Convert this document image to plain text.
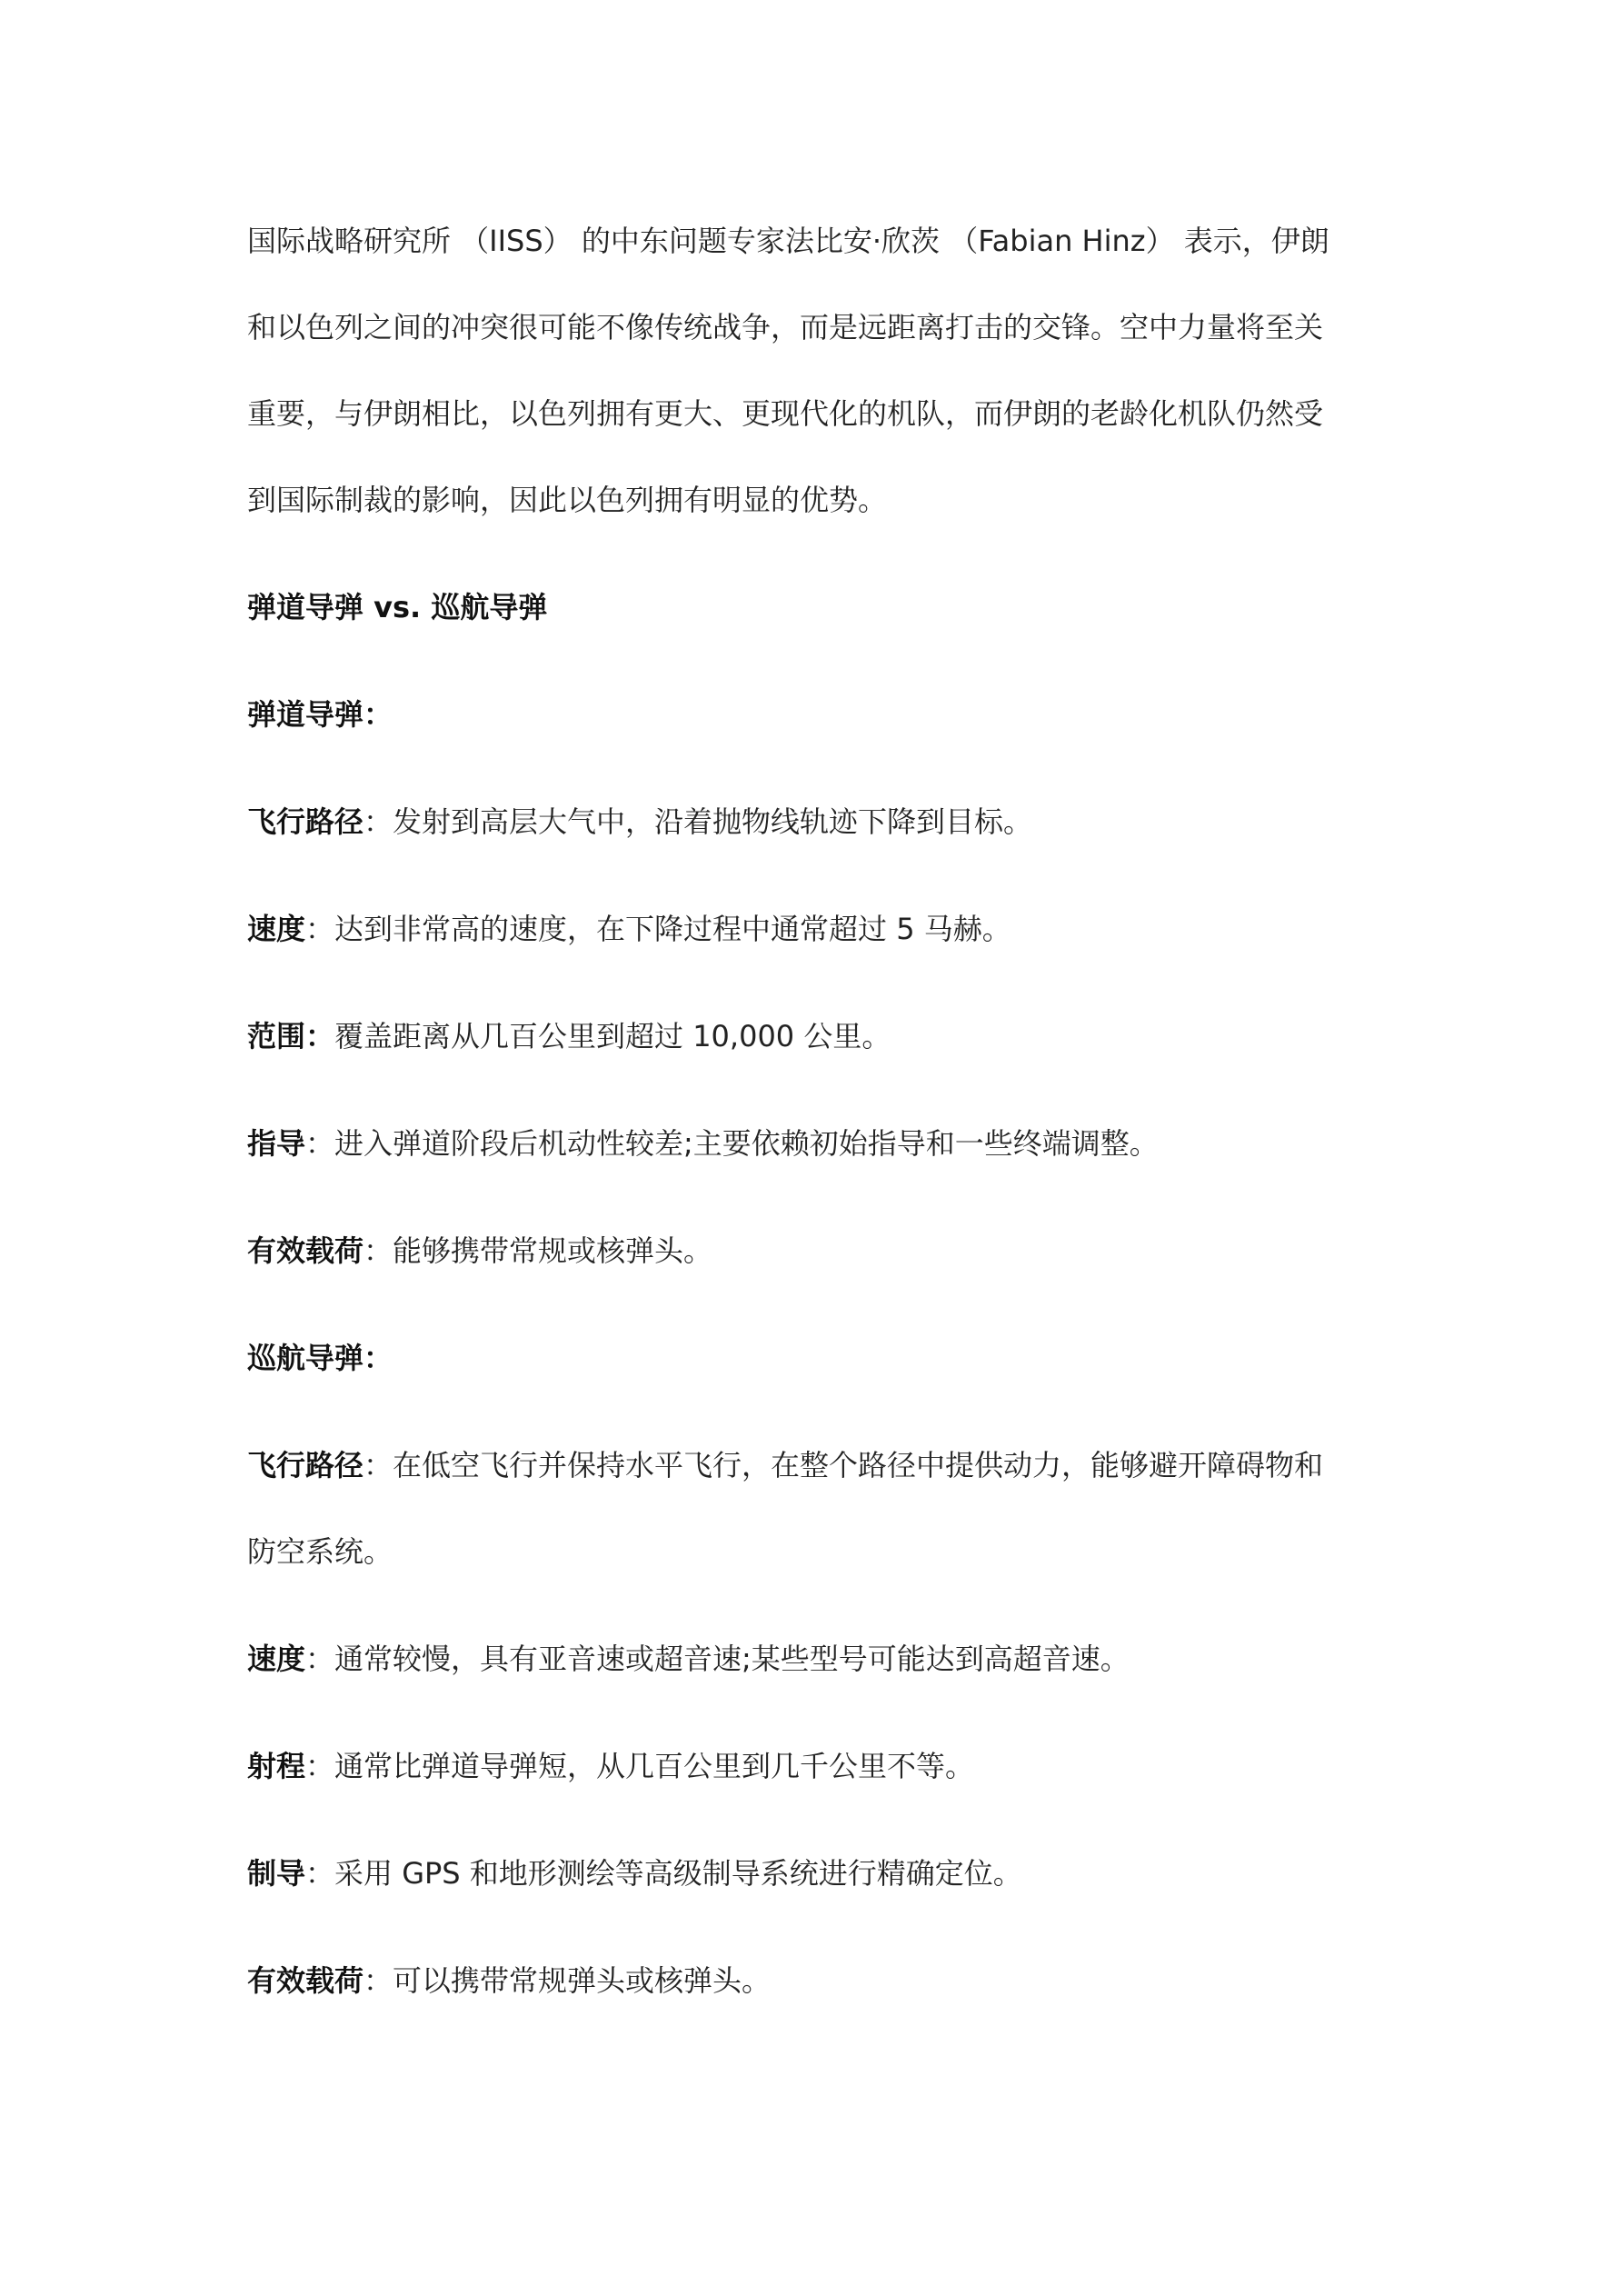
国际战略研究所 （IISS） 的中东问题专家法比安·欣茨 （Fabian Hinz） 表示，伊朗
和以色列之间的冲突很可能不像传统战争，而是远距离打击的交锋。空中力量将至关
重要，与伊朗相比，以色列拥有更大、更现代化的机队，而伊朗的老龄化机队仍然受
到国际制裁的影响，因此以色列拥有明显的优势。
弹道导弹 vs. 巡航导弹
弹道导弹：
飞行路径：发射到高层大气中，沿着抛物线轨迹下降到目标。
速度：达到非常高的速度，在下降过程中通常超过 5 马赫。
范围：覆盖距离从几百公里到超过 10,000 公里。
指导：进入弹道阶段后机动性较差;主要依赖初始指导和一些终端调整。
有效载荷：能够携带常规或核弹头。
巡航导弹：
飞行路径：在低空飞行并保持水平飞行，在整个路径中提供动力，能够避开障碍物和
防空系统。
速度：通常较慢，具有亚音速或超音速;某些型号可能达到高超音速。
射程：通常比弹道导弹短，从几百公里到几千公里不等。
制导：采用 GPS 和地形测绘等高级制导系统进行精确定位。
有效载荷：可以携带常规弹头或核弹头。
